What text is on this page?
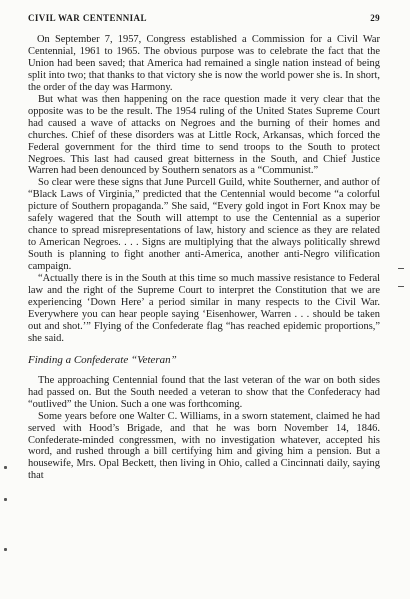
CIVIL WAR CENTENNIAL	29

On September 7, 1957, Congress established a Commission for a Civil War Centennial, 1961 to 1965. The obvious purpose was to celebrate the fact that the Union had been saved; that America had remained a single nation instead of being split into two; that thanks to that victory she is now the world power she is. In short, the order of the day was Harmony.

But what was then happening on the race question made it very clear that the opposite was to be the result. The 1954 ruling of the United States Supreme Court had caused a wave of attacks on Negroes and the burning of their homes and churches. Chief of these disorders was at Little Rock, Arkansas, which forced the Federal government for the third time to send troops to the South to protect Negroes. This last had caused great bitterness in the South, and Chief Justice Warren had been denounced by Southern senators as a “Communist.”

So clear were these signs that June Purcell Guild, white Southerner, and author of “Black Laws of Virginia,” predicted that the Centennial would become “a colorful picture of Southern propaganda.” She said, “Every gold ingot in Fort Knox may be safely wagered that the South will attempt to use the Centennial as a superior chance to spread misrepresentations of law, history and science as they are related to American Negroes. . . . Signs are multiplying that the always politically shrewd South is planning to fight another anti-America, another anti-Negro vilification campaign.

“Actually there is in the South at this time so much massive resistance to Federal law and the right of the Supreme Court to interpret the Constitution that we are experiencing ‘Down Here’ a period similar in many respects to the Civil War. Everywhere you can hear people saying ‘Eisenhower, Warren . . . should be taken out and shot.’” Flying of the Confederate flag “has reached epidemic proportions,” she said.

Finding a Confederate “Veteran”

The approaching Centennial found that the last veteran of the war on both sides had passed on. But the South needed a veteran to show that the Confederacy had “outlived” the Union. Such a one was forthcoming.

Some years before one Walter C. Williams, in a sworn statement, claimed he had served with Hood’s Brigade, and that he was born November 14, 1846. Confederate-minded congressmen, with no investigation whatever, accepted his word, and rushed through a bill certifying him and giving him a pension. But a housewife, Mrs. Opal Beckett, then living in Ohio, called a Cincinnati daily, saying that
